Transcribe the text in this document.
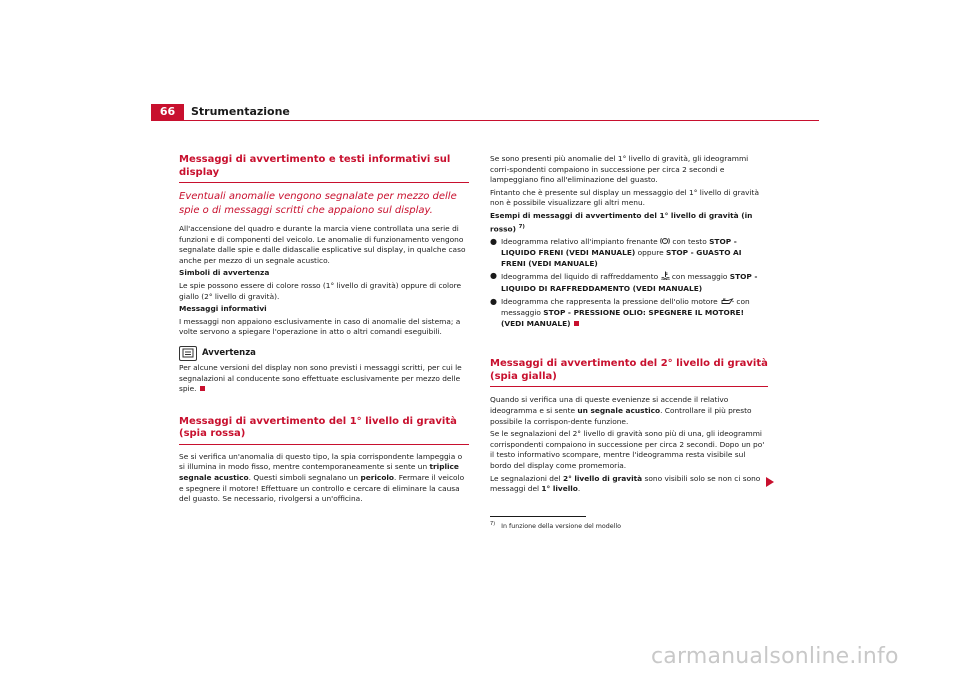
66	Strumentazione
Messaggi di avvertimento e testi informativi sul display
Eventuali anomalie vengono segnalate per mezzo delle spie o di messaggi scritti che appaiono sul display.

All'accensione del quadro e durante la marcia viene controllata una serie di funzioni e di componenti del veicolo. Le anomalie di funzionamento vengono segnalate dalle spie e dalle didascalie esplicative sul display, in qualche caso anche per mezzo di un segnale acustico.

Simboli di avvertenza

Le spie possono essere di colore rosso (1° livello di gravità) oppure di colore giallo (2° livello di gravità).

Messaggi informativi

I messaggi non appaiono esclusivamente in caso di anomalie del sistema; a volte servono a spiegare l'operazione in atto o altri comandi eseguibili.

Avvertenza

Per alcune versioni del display non sono previsti i messaggi scritti, per cui le segnalazioni al conducente sono effettuate esclusivamente per mezzo delle spie.

Messaggi di avvertimento del 1° livello di gravità (spia rossa)

Se si verifica un'anomalia di questo tipo, la spia corrispondente lampeggia o si illumina in modo fisso, mentre contemporaneamente si sente un triplice segnale acustico. Questi simboli segnalano un pericolo. Fermare il veicolo e spegnere il motore! Effettuare un controllo e cercare di eliminare la causa del guasto. Se necessario, rivolgersi a un'officina.

Se sono presenti più anomalie del 1° livello di gravità, gli ideogrammi corri-spondenti compaiono in successione per circa 2 secondi e lampeggiano fino all'eliminazione del guasto.

Fintanto che è presente sul display un messaggio del 1° livello di gravità non è possibile visualizzare gli altri menu.

Esempi di messaggi di avvertimento del 1° livello di gravità (in rosso) $^{7)}$

● Ideogramma relativo all'impianto frenante ! con testo STOP - LIQUIDO FRENI (VEDI MANUALE) oppure STOP - GUASTO AI FRENI (VEDI MANUALE)
● Ideogramma del liquido di raffreddamento  con messaggio STOP - LIQUIDO DI RAFFREDDAMENTO (VEDI MANUALE)
● Ideogramma che rappresenta la pressione dell'olio motore  con messaggio STOP - PRESSIONE OLIO: SPEGNERE IL MOTORE! (VEDI MANUALE)
Messaggi di avvertimento del 2° livello di gravità (spia gialla)

Quando si verifica una di queste evenienze si accende il relativo ideogramma e si sente un segnale acustico. Controllare il più presto possibile la corrispon-dente funzione.

Se le segnalazioni del 2° livello di gravità sono più di una, gli ideogrammi corrispondenti compaiono in successione per circa 2 secondi. Dopo un po' il testo informativo scompare, mentre l'ideogramma resta visibile sul bordo del display come promemoria.

Le segnalazioni del 2° livello di gravità sono visibili solo se non ci sono messaggi del 1° livello.

$^{7)}$ In funzione della versione del modello
carmanualsonline.info
